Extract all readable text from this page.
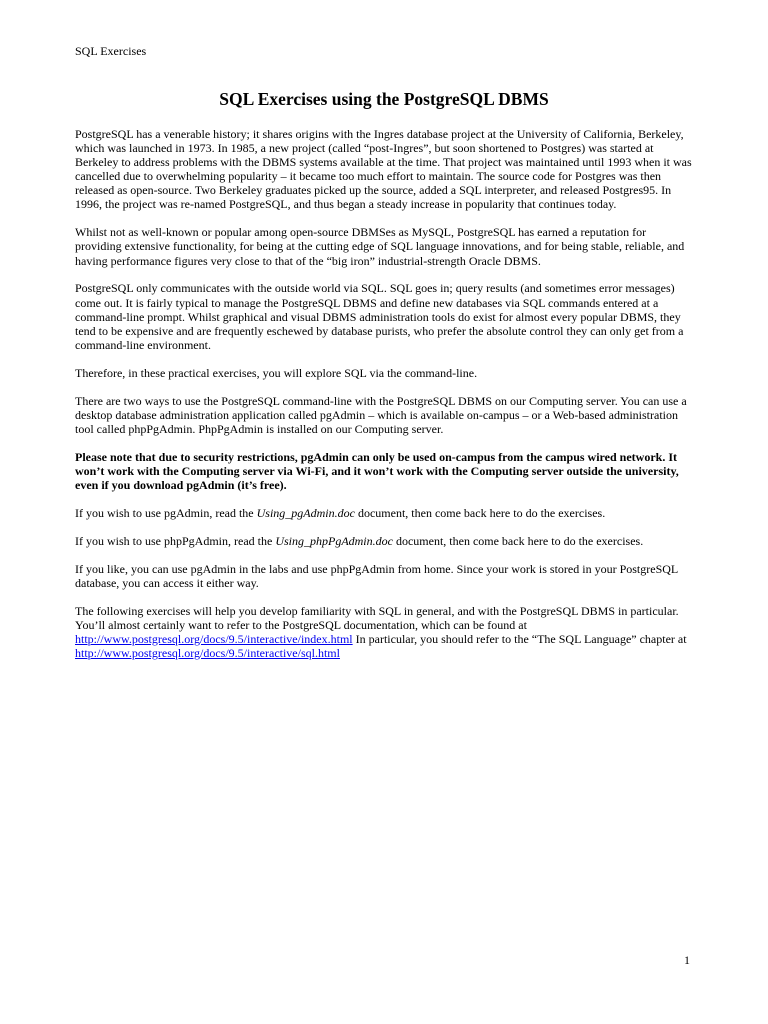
SQL Exercises
SQL Exercises using the PostgreSQL DBMS

PostgreSQL has a venerable history; it shares origins with the Ingres database project at the University of California, Berkeley, which was launched in 1973. In 1985, a new project (called “post-Ingres”, but soon shortened to Postgres) was started at Berkeley to address problems with the DBMS systems available at the time. That project was maintained until 1993 when it was cancelled due to overwhelming popularity – it became too much effort to maintain. The source code for Postgres was then released as open-source. Two Berkeley graduates picked up the source, added a SQL interpreter, and released Postgres95. In 1996, the project was re-named PostgreSQL, and thus began a steady increase in popularity that continues today.

Whilst not as well-known or popular among open-source DBMSes as MySQL, PostgreSQL has earned a reputation for providing extensive functionality, for being at the cutting edge of SQL language innovations, and for being stable, reliable, and having performance figures very close to that of the “big iron” industrial-strength Oracle DBMS.

PostgreSQL only communicates with the outside world via SQL. SQL goes in; query results (and sometimes error messages) come out. It is fairly typical to manage the PostgreSQL DBMS and define new databases via SQL commands entered at a command-line prompt. Whilst graphical and visual DBMS administration tools do exist for almost every popular DBMS, they tend to be expensive and are frequently eschewed by database purists, who prefer the absolute control they can only get from a command-line environment.

Therefore, in these practical exercises, you will explore SQL via the command-line.

There are two ways to use the PostgreSQL command-line with the PostgreSQL DBMS on our Computing server. You can use a desktop database administration application called pgAdmin – which is available on-campus – or a Web-based administration tool called phpPgAdmin. PhpPgAdmin is installed on our Computing server.

Please note that due to security restrictions, pgAdmin can only be used on-campus from the campus wired network. It won’t work with the Computing server via Wi-Fi, and it won’t work with the Computing server outside the university, even if you download pgAdmin (it’s free).

If you wish to use pgAdmin, read the Using_pgAdmin.doc document, then come back here to do the exercises.

If you wish to use phpPgAdmin, read the Using_phpPgAdmin.doc document, then come back here to do the exercises.

If you like, you can use pgAdmin in the labs and use phpPgAdmin from home. Since your work is stored in your PostgreSQL database, you can access it either way.

The following exercises will help you develop familiarity with SQL in general, and with the PostgreSQL DBMS in particular. You’ll almost certainly want to refer to the PostgreSQL documentation, which can be found at http://www.postgresql.org/docs/9.5/interactive/index.html In particular, you should refer to the “The SQL Language” chapter at http://www.postgresql.org/docs/9.5/interactive/sql.html

1
